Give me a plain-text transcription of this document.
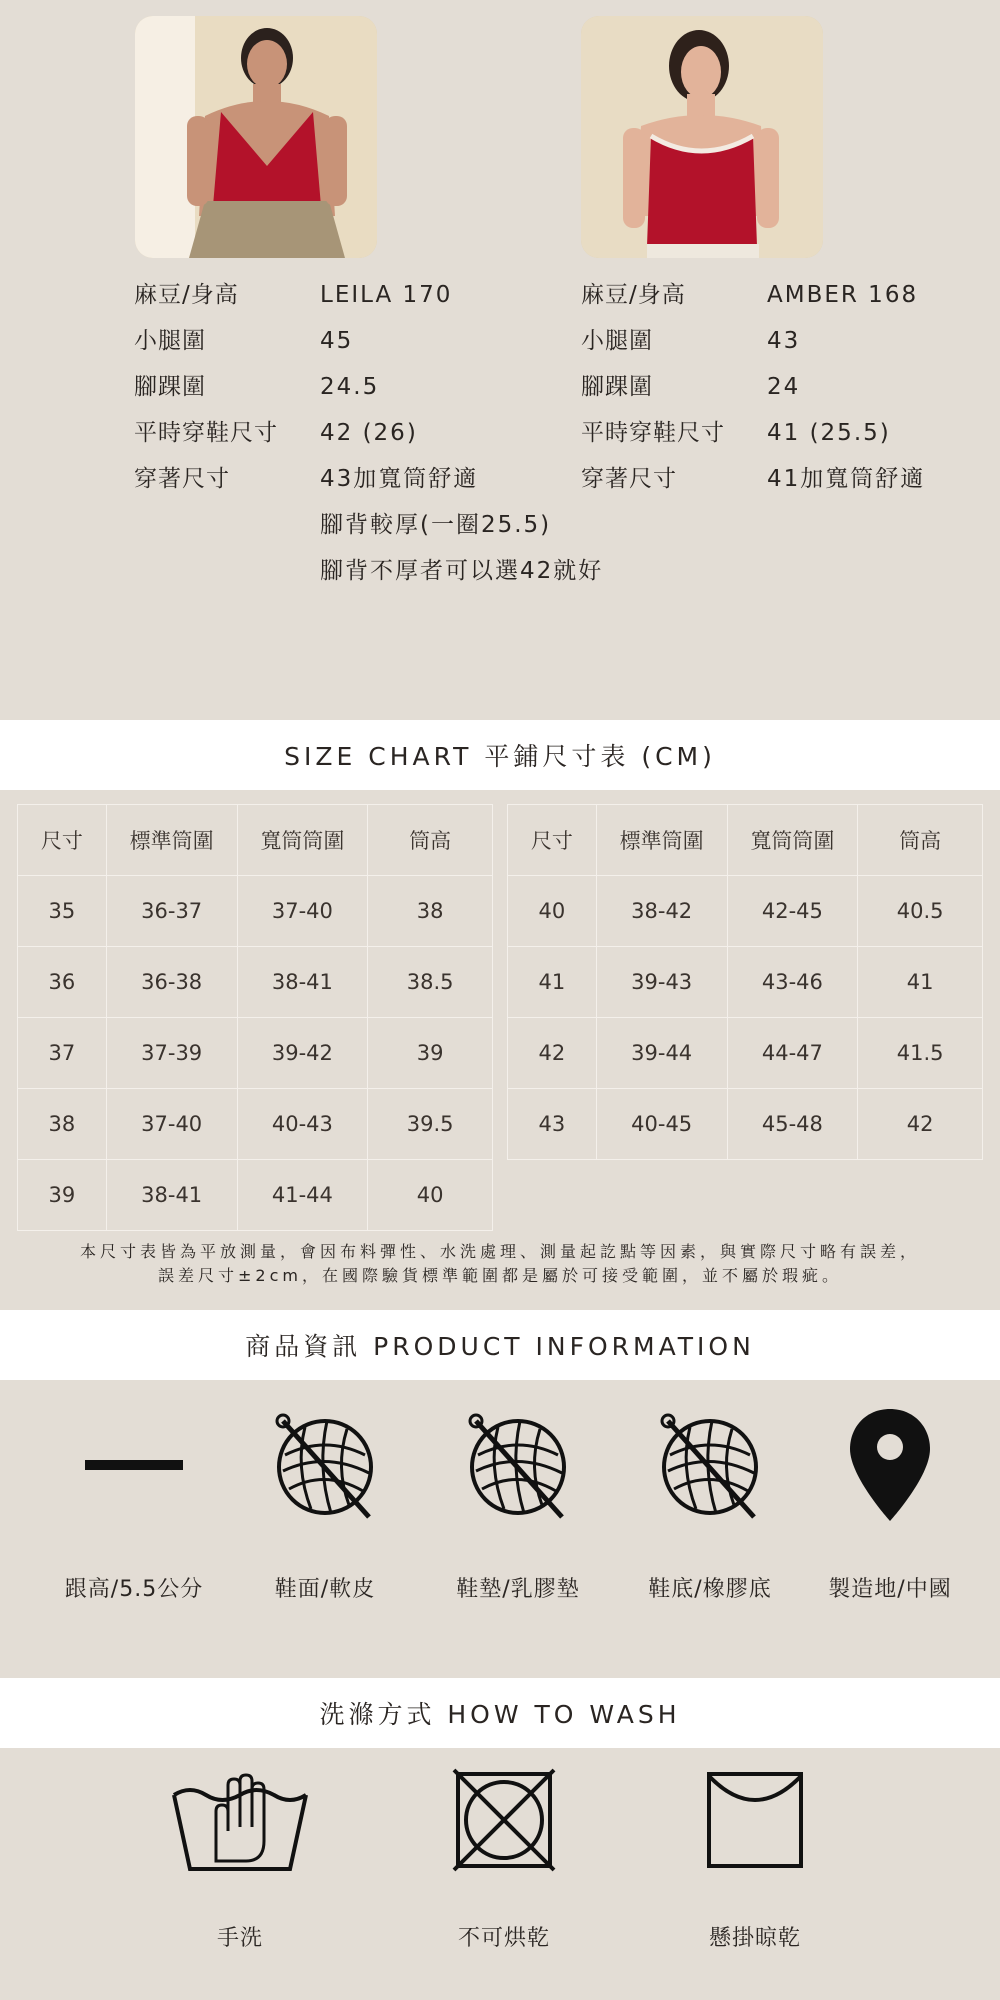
麻豆/身高	LEILA 170
小腿圍	45
腳踝圍	24.5
平時穿鞋尺寸 42 (26)
穿著尺寸	43加寬筒舒適
腳背較厚(一圈25.5)
腳背不厚者可以選42就好
麻豆/身高	AMBER 168
小腿圍	43
腳踝圍	24
平時穿鞋尺寸 41 (25.5)
穿著尺寸	41加寬筒舒適
SIZE CHART 平鋪尺寸表 (CM)
尺寸	標準筒圍	寬筒筒圍	筒高
35	36-37	37-40	38
36	36-38	38-41	38.5
37	37-39	39-42	39
38	37-40	40-43	39.5
39	38-41	41-44	40
尺寸	標準筒圍	寬筒筒圍	筒高
40	38-42	42-45	40.5
41	39-43	43-46	41
42	39-44	44-47	41.5
43	40-45	45-48	42
本尺寸表皆為平放測量，會因布料彈性、水洗處理、測量起訖點等因素，與實際尺寸略有誤差，
誤差尺寸±2cm，在國際驗貨標準範圍都是屬於可接受範圍，並不屬於瑕疵。
商品資訊 PRODUCT INFORMATION
跟高/5.5公分	鞋面/軟皮	鞋墊/乳膠墊	鞋底/橡膠底	製造地/中國
洗滌方式 HOW TO WASH
手洗	不可烘乾	懸掛晾乾
